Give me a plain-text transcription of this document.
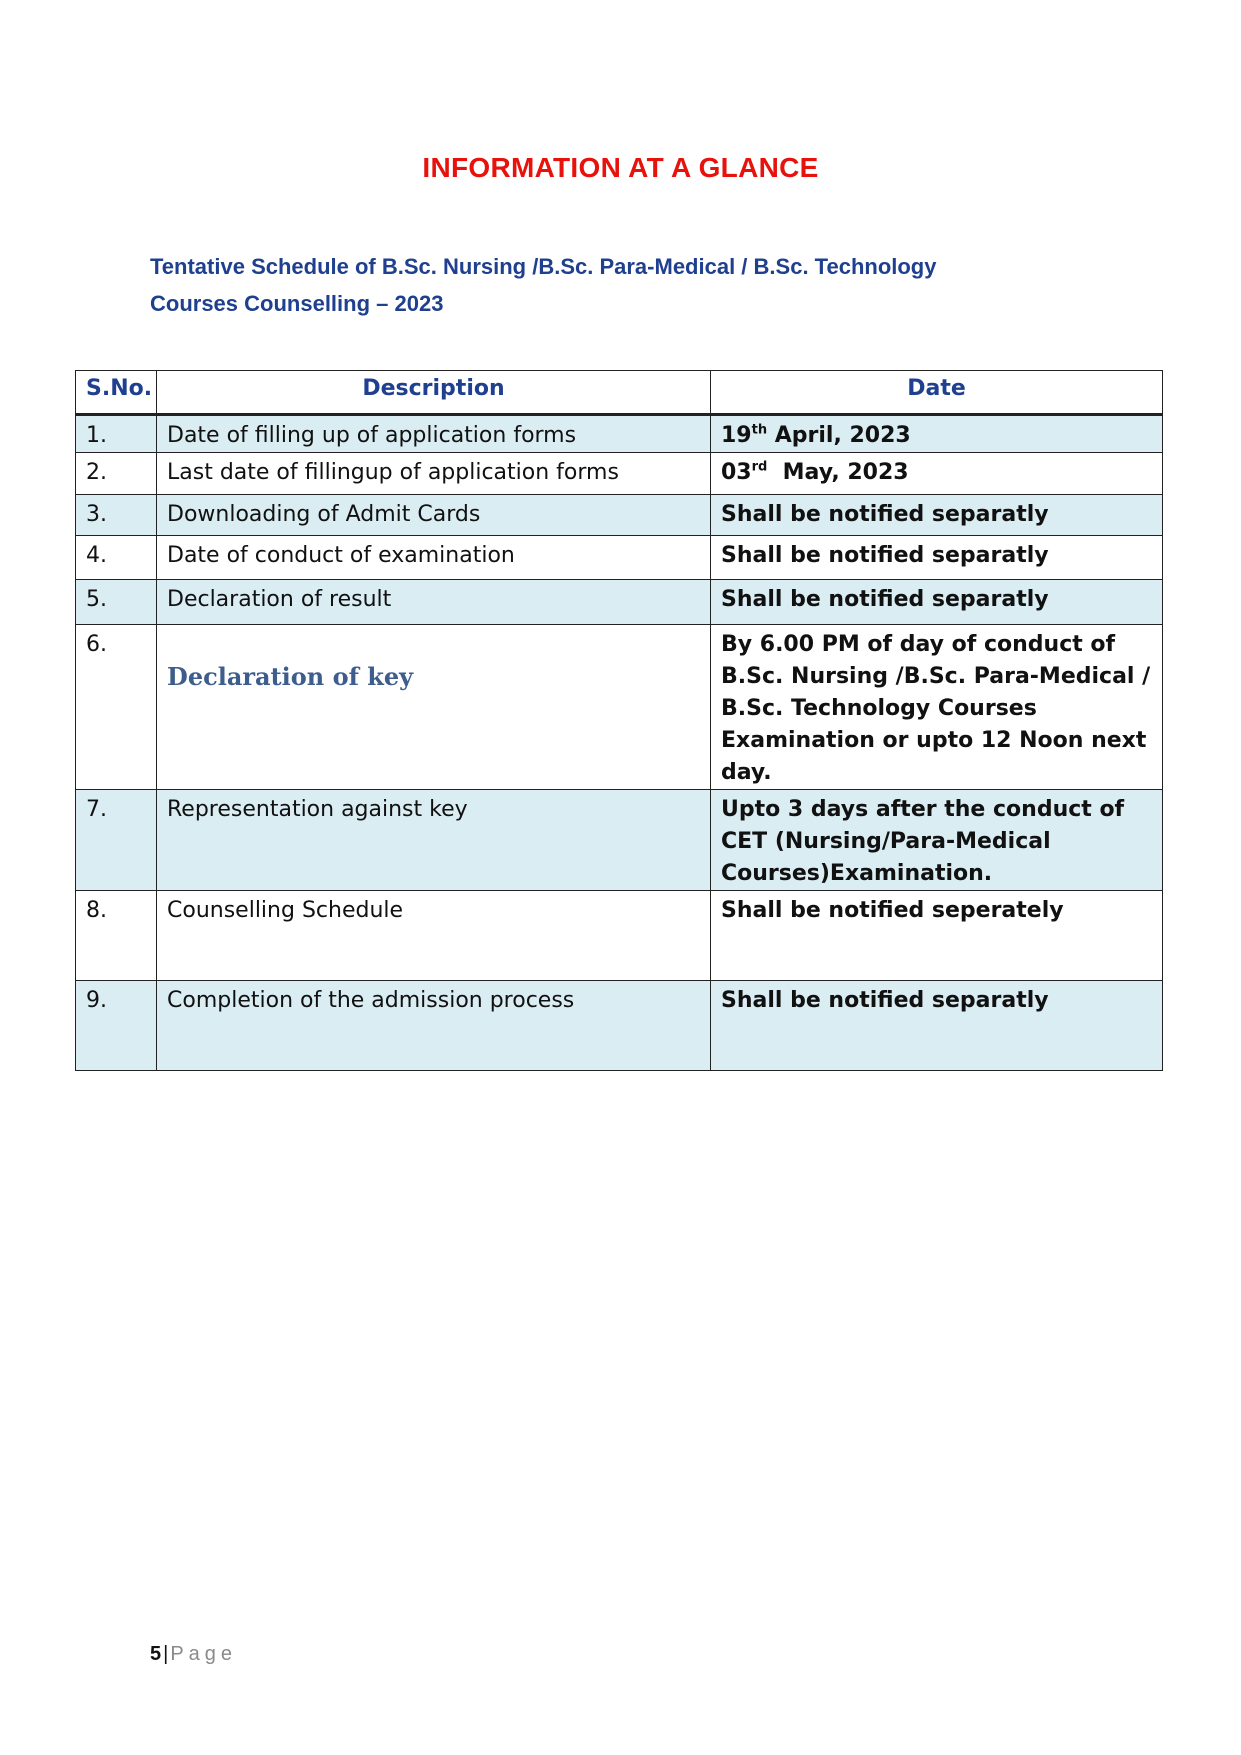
INFORMATION AT A GLANCE
Tentative Schedule of B.Sc. Nursing /B.Sc. Para-Medical / B.Sc. Technology
Courses Counselling – 2023
S.No.	Description	Date
1.	Date of filling up of application forms	19th April, 2023
2.	Last date of fillingup of application forms	03rd  May, 2023
3.	Downloading of Admit Cards	Shall be notified separatly
4.	Date of conduct of examination	Shall be notified separatly
5.	Declaration of result	Shall be notified separatly
6.	Declaration of key	By 6.00 PM of day of conduct of B.Sc. Nursing /B.Sc. Para-Medical / B.Sc. Technology Courses Examination or upto 12 Noon next day.
7.	Representation against key	Upto 3 days after the conduct of CET (Nursing/Para-Medical Courses)Examination.
8.	Counselling Schedule	Shall be notified seperately
9.	Completion of the admission process	Shall be notified separatly
5 | Page
